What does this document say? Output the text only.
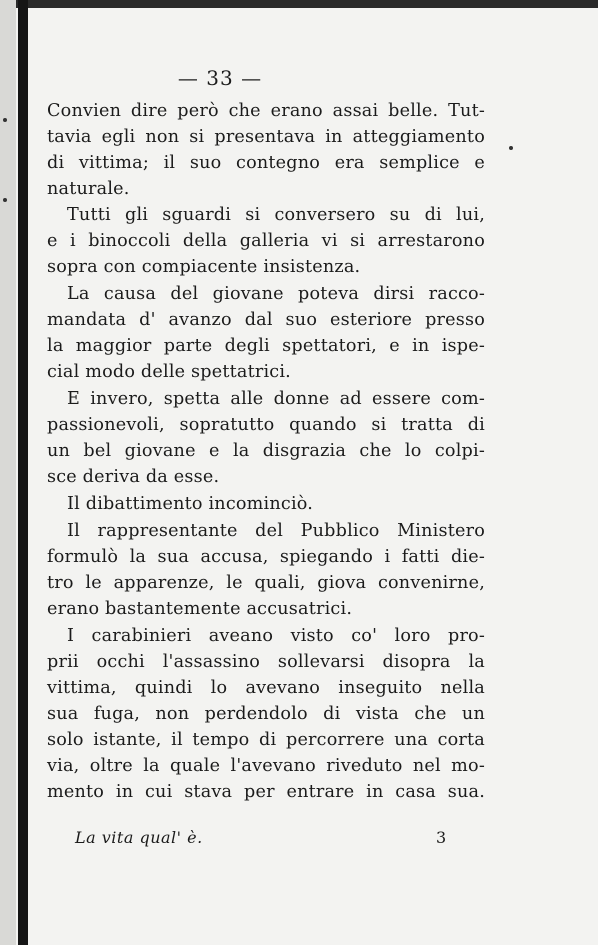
— 33 —
Convien dire però che erano assai belle. Tut-
tavia egli non si presentava in atteggiamento
di vittima; il suo contegno era semplice e
naturale.
Tutti gli sguardi si conversero su di lui,
e i binoccoli della galleria vi si arrestarono
sopra con compiacente insistenza.
La causa del giovane poteva dirsi racco-
mandata d' avanzo dal suo esteriore presso
la maggior parte degli spettatori, e in ispe-
cial modo delle spettatrici.
E invero, spetta alle donne ad essere com-
passionevoli, sopratutto quando si tratta di
un bel giovane e la disgrazia che lo colpi-
sce deriva da esse.
Il dibattimento incominciò.
Il rappresentante del Pubblico Ministero
formulò la sua accusa, spiegando i fatti die-
tro le apparenze, le quali, giova convenirne,
erano bastantemente accusatrici.
I carabinieri aveano visto co' loro pro-
prii occhi l'assassino sollevarsi disopra la
vittima, quindi lo avevano inseguito nella
sua fuga, non perdendolo di vista che un
solo istante, il tempo di percorrere una corta
via, oltre la quale l'avevano riveduto nel mo-
mento in cui stava per entrare in casa sua.
La vita qual' è.	3
